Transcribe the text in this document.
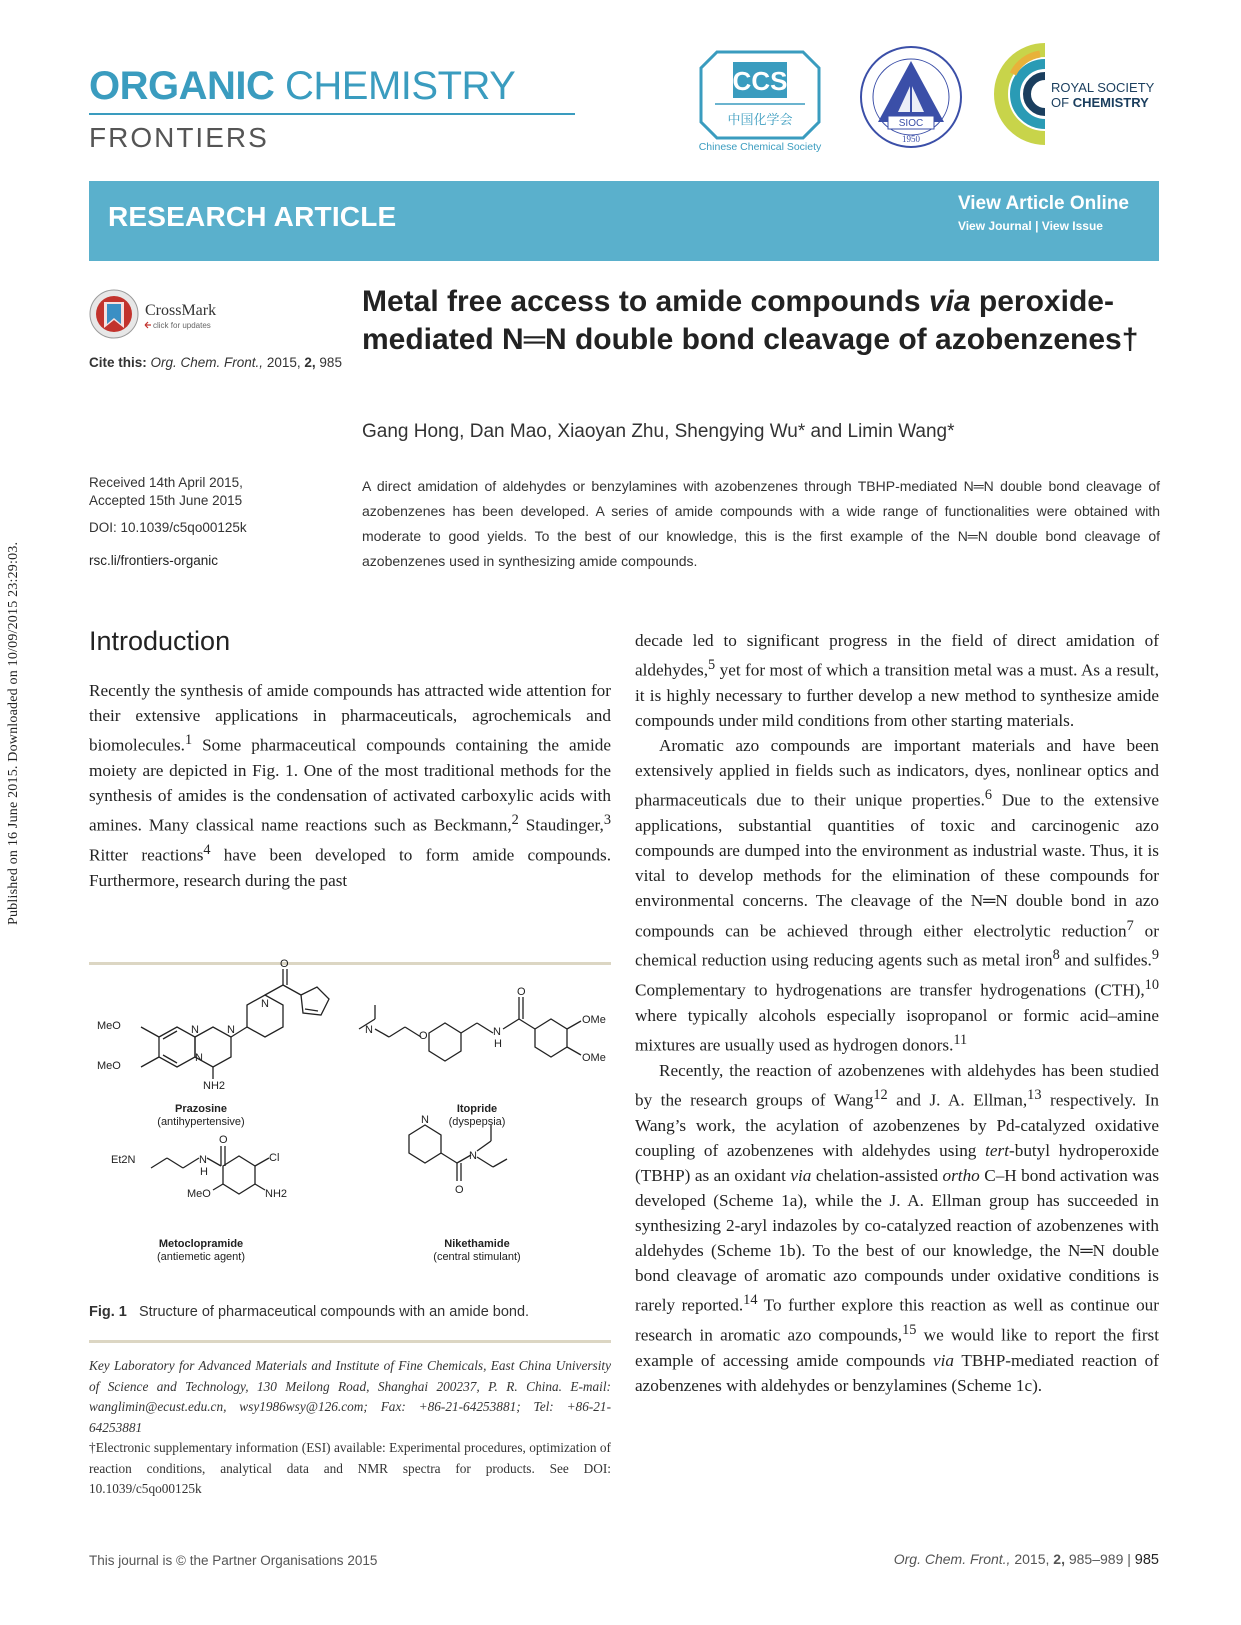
Published on 16 June 2015. Downloaded on 10/09/2015 23:29:03.
ORGANIC CHEMISTRY
FRONTIERS
CCS
中国化学会
Chinese Chemical Society
SIOC
1950
ROYAL SOCIETY
OF CHEMISTRY
RESEARCH ARTICLE	View Article Online
View Journal | View Issue
CrossMark
click for updates
Cite this: Org. Chem. Front., 2015, 2, 985
Received 14th April 2015,
Accepted 15th June 2015
DOI: 10.1039/c5qo00125k
rsc.li/frontiers-organic
Metal free access to amide compounds via peroxide-mediated N═N double bond cleavage of azobenzenes†
Gang Hong, Dan Mao, Xiaoyan Zhu, Shengying Wu* and Limin Wang*
A direct amidation of aldehydes or benzylamines with azobenzenes through TBHP-mediated N═N double bond cleavage of azobenzenes has been developed. A series of amide compounds with a wide range of functionalities were obtained with moderate to good yields. To the best of our knowledge, this is the first example of the N═N double bond cleavage of azobenzenes used in synthesizing amide compounds.
Introduction

Recently the synthesis of amide compounds has attracted wide attention for their extensive applications in pharmaceuticals, agrochemicals and biomolecules.$^1$ Some pharmaceutical compounds containing the amide moiety are depicted in Fig. 1. One of the most traditional methods for the synthesis of amides is the condensation of activated carboxylic acids with amines. Many classical name reactions such as Beckmann,$^2$ Staudinger,$^3$ Ritter reactions$^4$ have been developed to form amide compounds. Furthermore, research during the past

decade led to significant progress in the field of direct amidation of aldehydes,$^5$ yet for most of which a transition metal was a must. As a result, it is highly necessary to further develop a new method to synthesize amide compounds under mild conditions from other starting materials.

Aromatic azo compounds are important materials and have been extensively applied in fields such as indicators, dyes, nonlinear optics and pharmaceuticals due to their unique properties.$^6$ Due to the extensive applications, substantial quantities of toxic and carcinogenic azo compounds are dumped into the environment as industrial waste. Thus, it is vital to develop methods for the elimination of these compounds for environmental concerns. The cleavage of the N═N double bond in azo compounds can be achieved through either electrolytic reduction$^7$ or chemical reduction using reducing agents such as metal iron$^8$ and sulfides.$^9$ Complementary to hydrogenations are transfer hydrogenations (CTH),$^{10}$ where typically alcohols especially isopropanol or formic acid–amine mixtures are usually used as hydrogen donors.$^{11}$

Recently, the reaction of azobenzenes with aldehydes has been studied by the research groups of Wang$^{12}$ and J. A. Ellman,$^{13}$ respectively. In Wang’s work, the acylation of azobenzenes by Pd-catalyzed oxidative coupling of azobenzenes with aldehydes using tert-butyl hydroperoxide (TBHP) as an oxidant via chelation-assisted ortho C–H bond activation was developed (Scheme 1a), while the J. A. Ellman group has succeeded in synthesizing 2-aryl indazoles by co-catalyzed reaction of azobenzenes with aldehydes (Scheme 1b). To the best of our knowledge, the N═N double bond cleavage of aromatic azo compounds under oxidative conditions is rarely reported.$^{14}$ To further explore this reaction as well as continue our research in aromatic azo compounds,$^{15}$ we would like to report the first example of accessing amide compounds via TBHP-mediated reaction of azobenzenes with aldehydes or benzylamines (Scheme 1c).

MeO
MeO
N
N
N
NH2
N
O
N	O	N
H
O
OMe
OMe
Et2N	N
H
O
Cl
NH2
MeO
N
O
N
Prazosine
(antihypertensive)
Itopride
(dyspepsia)
Metoclopramide
(antiemetic agent)
Nikethamide
(central stimulant)
Fig. 1 Structure of pharmaceutical compounds with an amide bond.
Key Laboratory for Advanced Materials and Institute of Fine Chemicals, East China University of Science and Technology, 130 Meilong Road, Shanghai 200237, P. R. China. E-mail: wanglimin@ecust.edu.cn, wsy1986wsy@126.com; Fax: +86-21-64253881; Tel: +86-21-64253881
†Electronic supplementary information (ESI) available: Experimental procedures, optimization of reaction conditions, analytical data and NMR spectra for products. See DOI: 10.1039/c5qo00125k
This journal is © the Partner Organisations 2015	Org. Chem. Front., 2015, 2, 985–989 | 985
